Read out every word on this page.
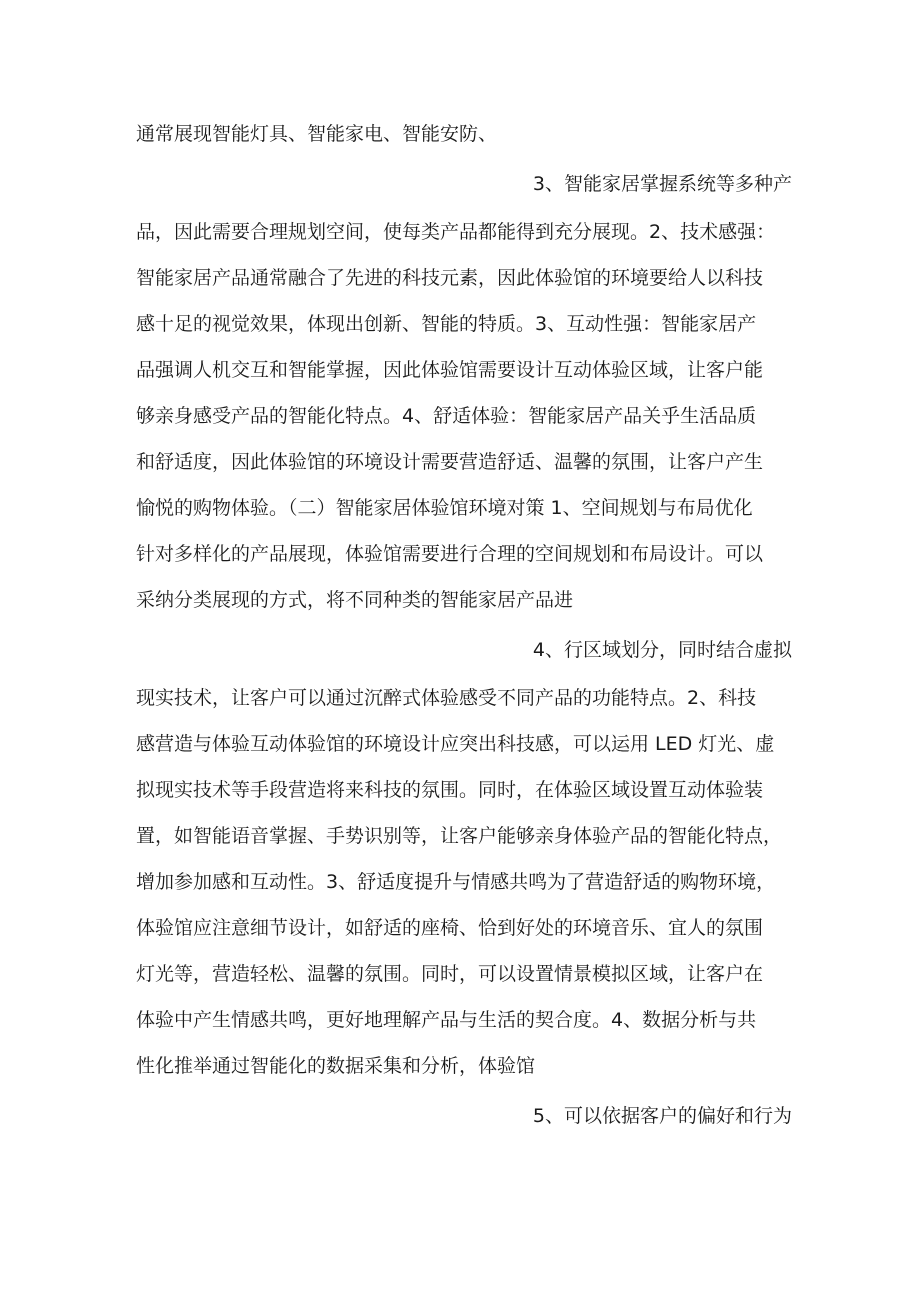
通常展现智能灯具、智能家电、智能安防、
3、智能家居掌握系统等多种产
品，因此需要合理规划空间，使每类产品都能得到充分展现。2、技术感强：
智能家居产品通常融合了先进的科技元素，因此体验馆的环境要给人以科技
感十足的视觉效果，体现出创新、智能的特质。3、互动性强：智能家居产
品强调人机交互和智能掌握，因此体验馆需要设计互动体验区域，让客户能
够亲身感受产品的智能化特点。4、舒适体验：智能家居产品关乎生活品质
和舒适度，因此体验馆的环境设计需要营造舒适、温馨的氛围，让客户产生
愉悦的购物体验。（二）智能家居体验馆环境对策 1、空间规划与布局优化
针对多样化的产品展现，体验馆需要进行合理的空间规划和布局设计。可以
采纳分类展现的方式，将不同种类的智能家居产品进
4、行区域划分，同时结合虚拟
现实技术，让客户可以通过沉醉式体验感受不同产品的功能特点。2、科技
感营造与体验互动体验馆的环境设计应突出科技感，可以运用 LED 灯光、虚
拟现实技术等手段营造将来科技的氛围。同时，在体验区域设置互动体验装
置，如智能语音掌握、手势识别等，让客户能够亲身体验产品的智能化特点，
增加参加感和互动性。3、舒适度提升与情感共鸣为了营造舒适的购物环境，
体验馆应注意细节设计，如舒适的座椅、恰到好处的环境音乐、宜人的氛围
灯光等，营造轻松、温馨的氛围。同时，可以设置情景模拟区域，让客户在
体验中产生情感共鸣，更好地理解产品与生活的契合度。4、数据分析与共
性化推举通过智能化的数据采集和分析，体验馆
5、可以依据客户的偏好和行为
